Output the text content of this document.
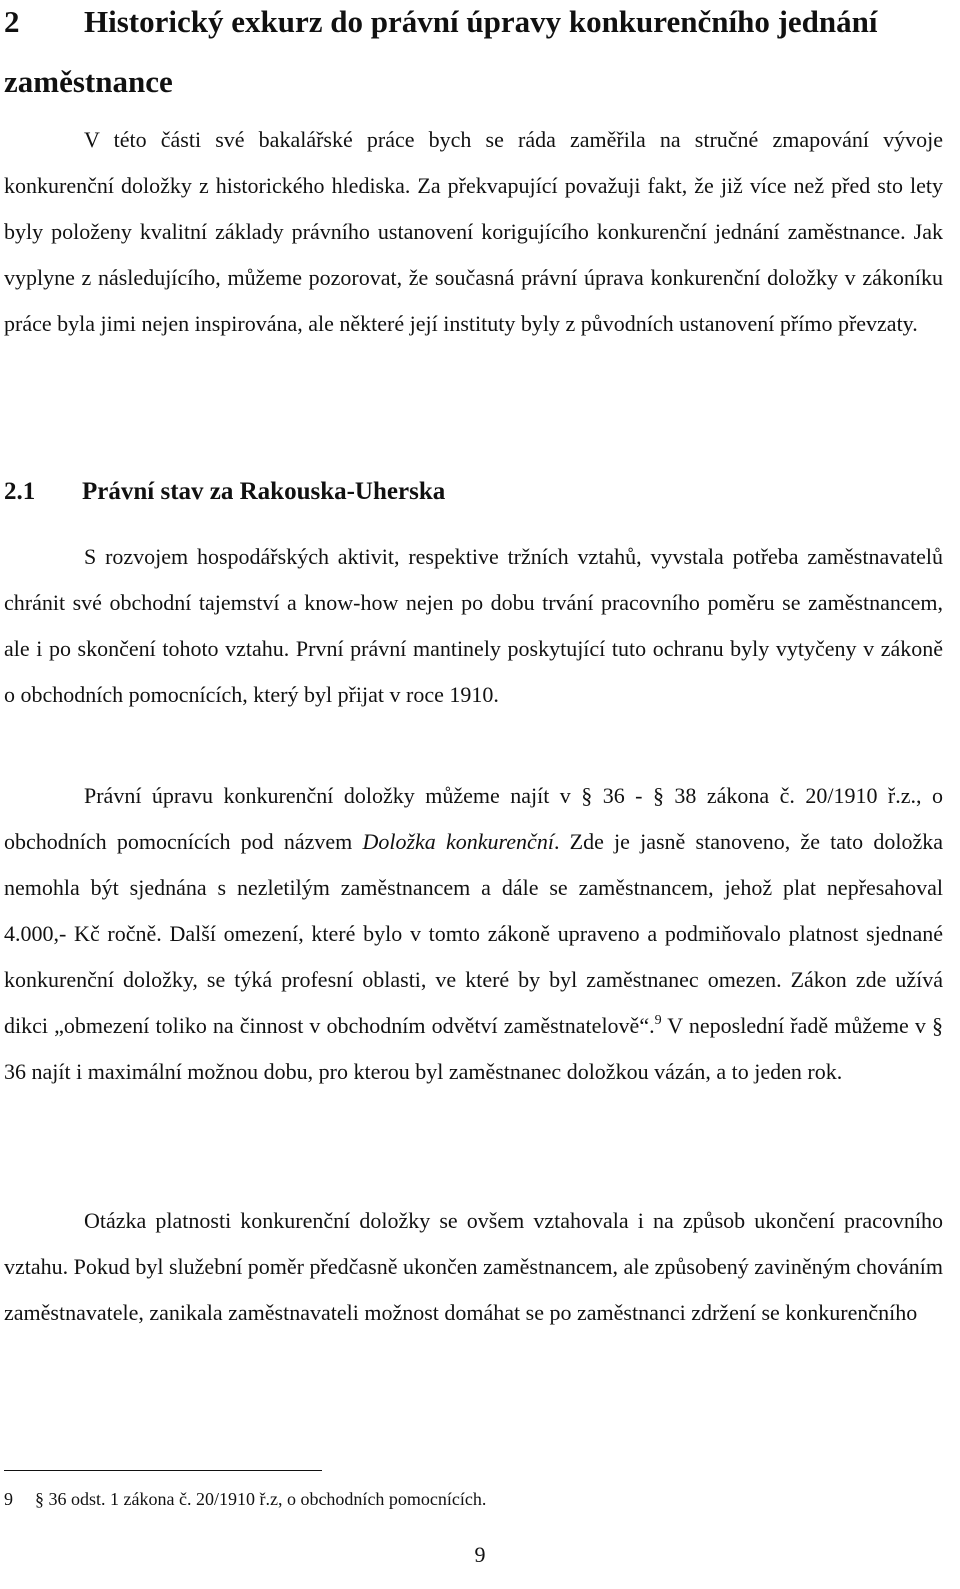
2 Historický exkurz do právní úpravy konkurenčního jednání zaměstnance

V této části své bakalářské práce bych se ráda zaměřila na stručné zmapování vývoje konkurenční doložky z historického hlediska. Za překvapující považuji fakt, že již více než před sto lety byly položeny kvalitní základy právního ustanovení korigujícího konkurenční jednání zaměstnance. Jak vyplyne z následujícího, můžeme pozorovat, že současná právní úprava konkurenční doložky v zákoníku práce byla jimi nejen inspirována, ale některé její instituty byly z původních ustanovení přímo převzaty.

2.1 Právní stav za Rakouska-Uherska

S rozvojem hospodářských aktivit, respektive tržních vztahů, vyvstala potřeba zaměstnavatelů chránit své obchodní tajemství a know-how nejen po dobu trvání pracovního poměru se zaměstnancem, ale i po skončení tohoto vztahu. První právní mantinely poskytující tuto ochranu byly vytyčeny v zákoně o obchodních pomocnících, který byl přijat v roce 1910.

Právní úpravu konkurenční doložky můžeme najít v § 36 - § 38 zákona č. 20/1910 ř.z., o obchodních pomocnících pod názvem Doložka konkurenční. Zde je jasně stanoveno, že tato doložka nemohla být sjednána s nezletilým zaměstnancem a dále se zaměstnancem, jehož plat nepřesahoval 4.000,- Kč ročně. Další omezení, které bylo v tomto zákoně upraveno a podmiňovalo platnost sjednané konkurenční doložky, se týká profesní oblasti, ve které by byl zaměstnanec omezen. Zákon zde užívá dikci „obmezení toliko na činnost v obchodním odvětví zaměstnatelově“.$^9$ V neposlední řadě můžeme v § 36 najít i maximální možnou dobu, pro kterou byl zaměstnanec doložkou vázán, a to jeden rok.

Otázka platnosti konkurenční doložky se ovšem vztahovala i na způsob ukončení pracovního vztahu. Pokud byl služební poměr předčasně ukončen zaměstnancem, ale způsobený zaviněným chováním zaměstnavatele, zanikala zaměstnavateli možnost domáhat se po zaměstnanci zdržení se konkurenčního

9 § 36 odst. 1 zákona č. 20/1910 ř.z, o obchodních pomocnících.
9
